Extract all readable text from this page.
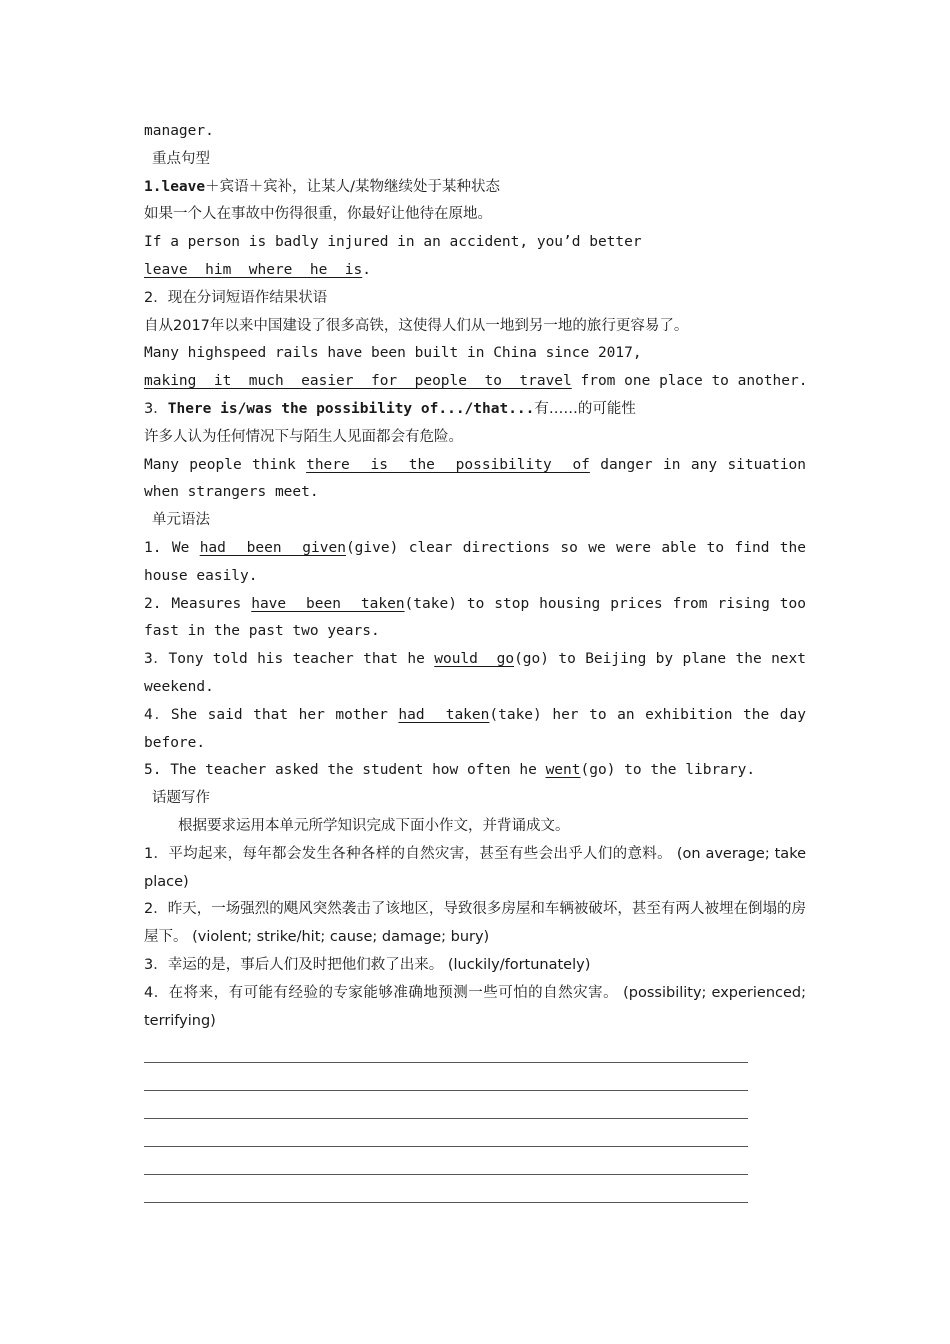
manager.
重点句型
1.leave＋宾语＋宾补，让某人/某物继续处于某种状态
如果一个人在事故中伤得很重，你最好让他待在原地。
If a person is badly injured in an accident, you’d better
leave  him  where  he  is.
2．现在分词短语作结果状语
自从2017年以来中国建设了很多高铁，这使得人们从一地到另一地的旅行更容易了。
Many highspeed rails have been built in China since 2017,
making  it  much  easier  for  people  to  travel from one place to another.
3．There is/was the possibility of.../that...有……的可能性
许多人认为任何情况下与陌生人见面都会有危险。
Many people think there  is  the  possibility  of danger in any situation when strangers meet.
单元语法
1. We had  been  given(give) clear directions so we were able to find the house easily.
2. Measures have  been  taken(take) to stop housing prices from rising too fast in the past two years.
3．Tony told his teacher that he would  go(go) to Beijing by plane the next weekend.
4．She said that her mother had  taken(take) her to an exhibition the day before.
5. The teacher asked the student how often he went(go) to the library.
话题写作
根据要求运用本单元所学知识完成下面小作文，并背诵成文。
1．平均起来，每年都会发生各种各样的自然灾害，甚至有些会出乎人们的意料。 (on average; take place)
2．昨天，一场强烈的飓风突然袭击了该地区，导致很多房屋和车辆被破坏，甚至有两人被埋在倒塌的房屋下。 (violent; strike/hit; cause; damage; bury)
3．幸运的是，事后人们及时把他们救了出来。 (luckily/fortunately)
4．在将来，有可能有经验的专家能够准确地预测一些可怕的自然灾害。 (possibility; experienced; terrifying)
